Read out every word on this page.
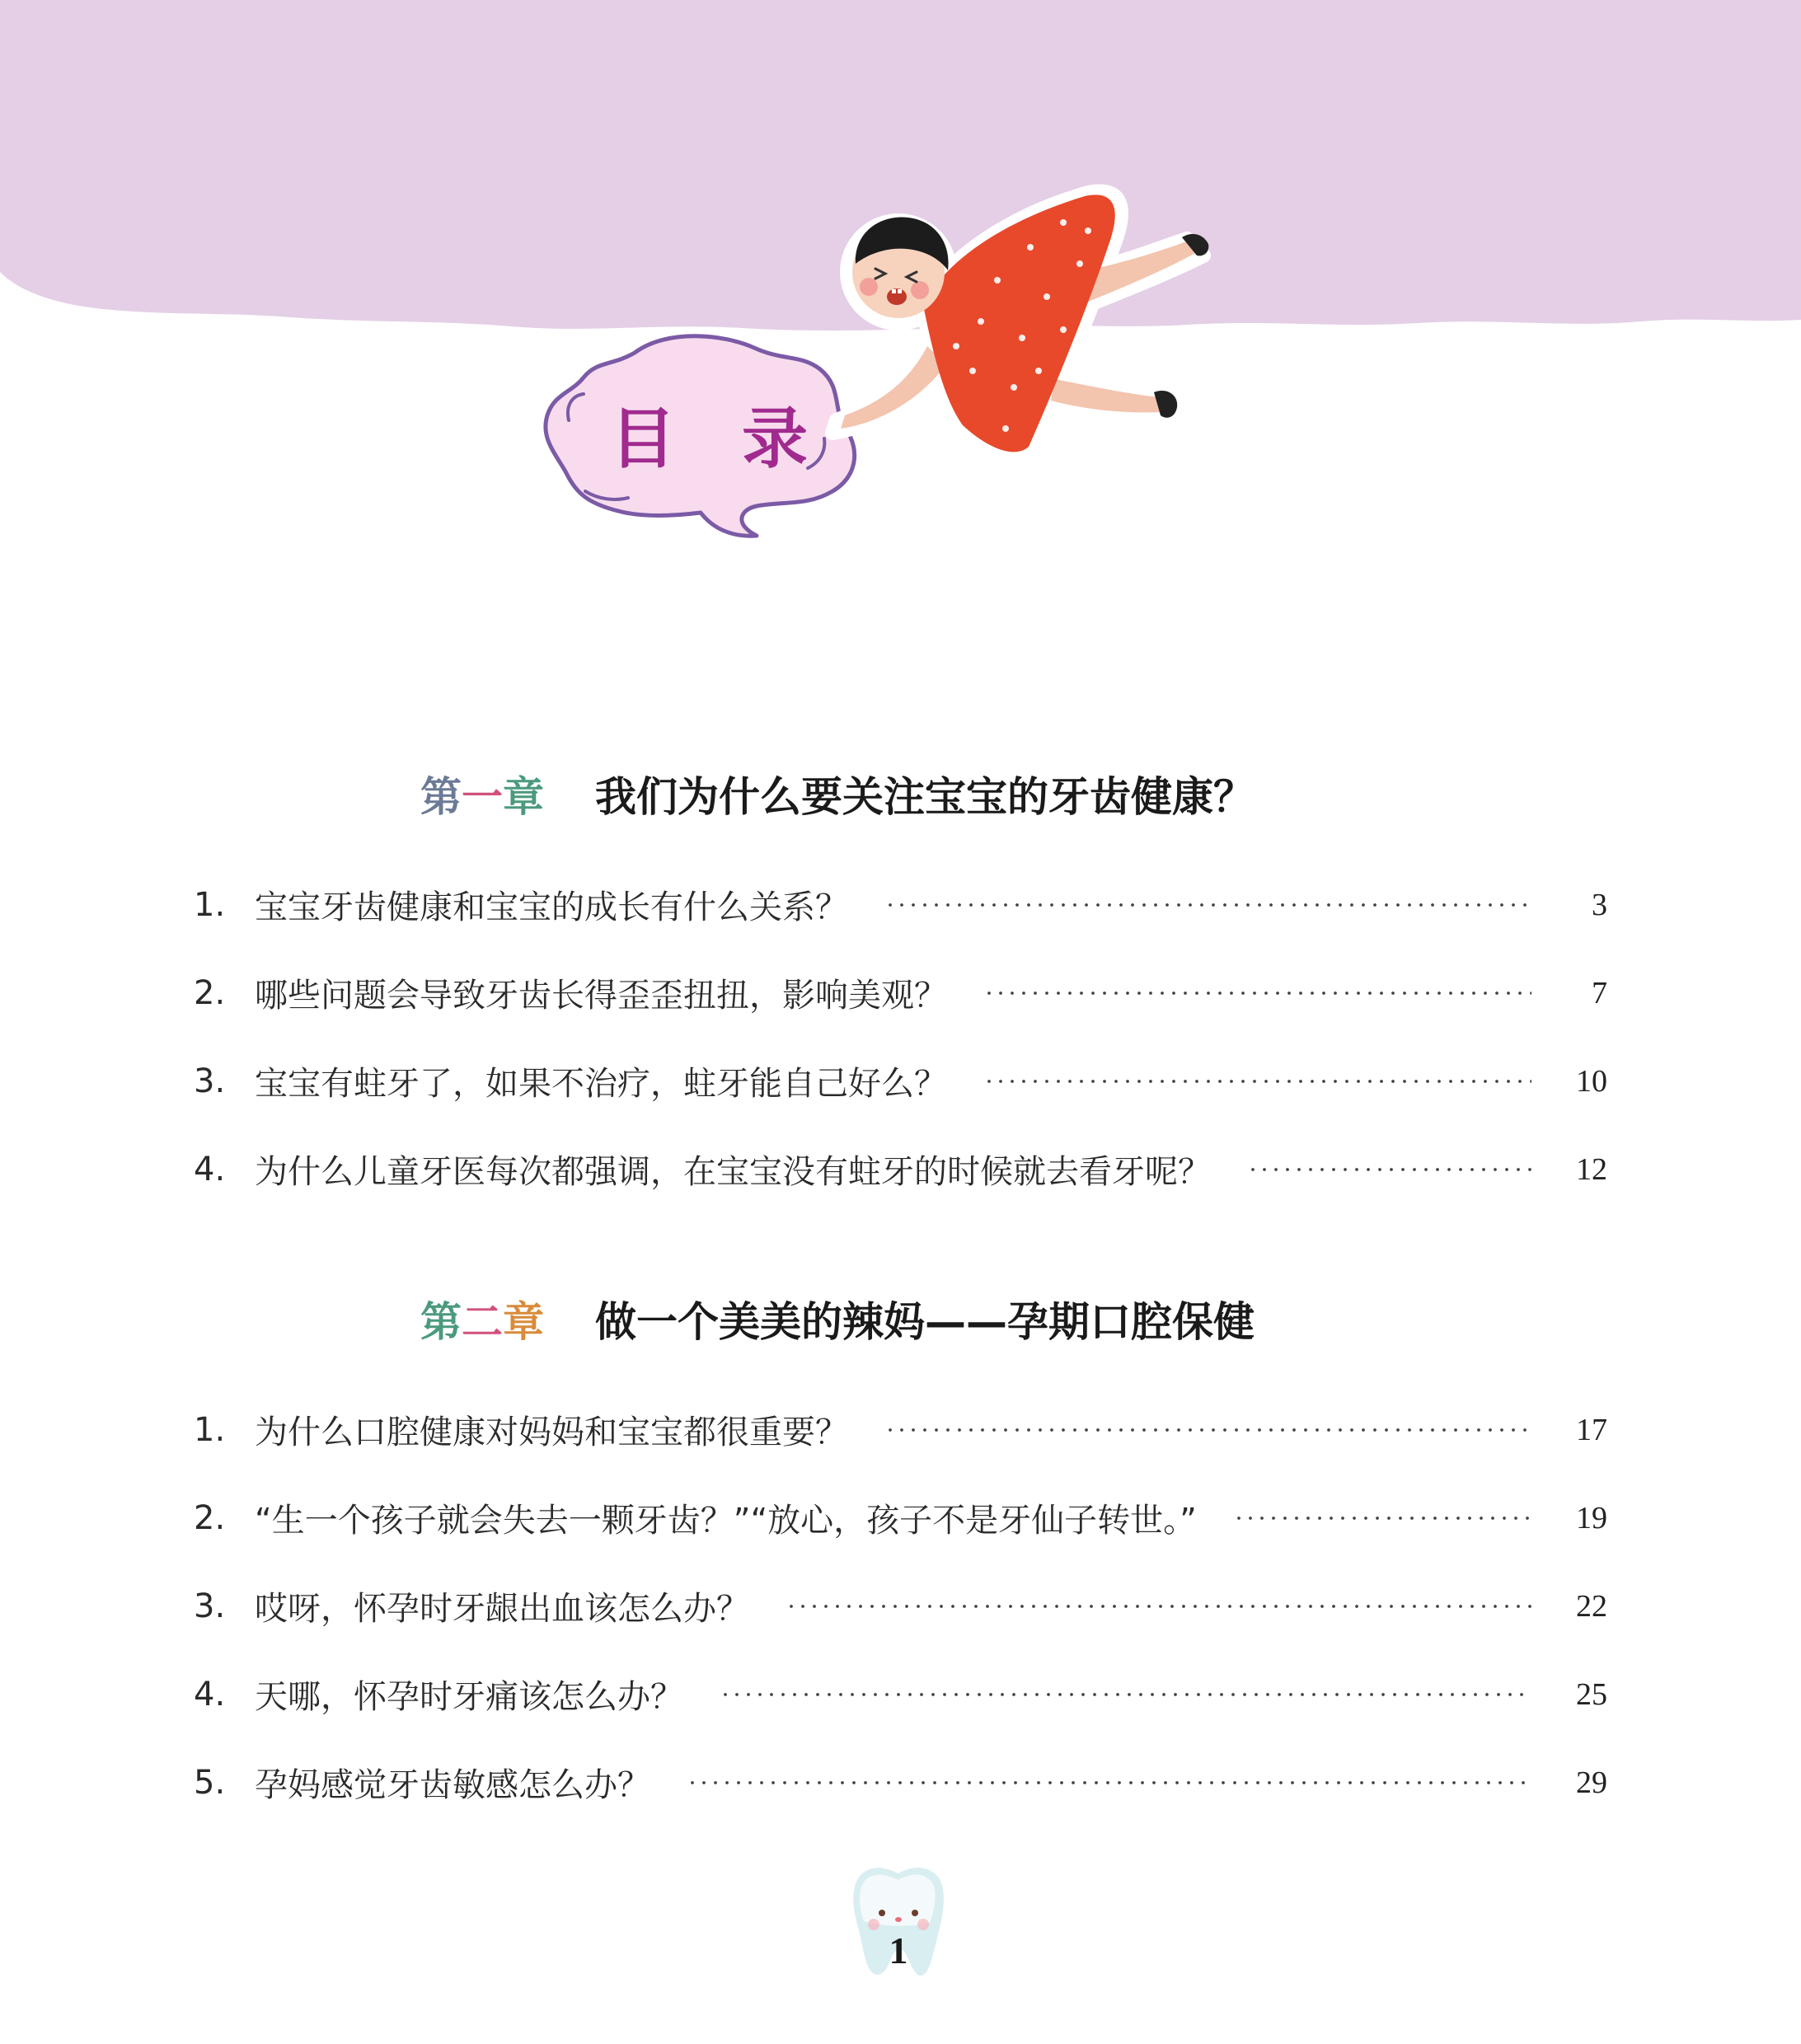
目 录
第一章 我们为什么要关注宝宝的牙齿健康？
1. 宝宝牙齿健康和宝宝的成长有什么关系？	3
2. 哪些问题会导致牙齿长得歪歪扭扭，影响美观？	7
3. 宝宝有蛀牙了，如果不治疗，蛀牙能自己好么？	10
4. 为什么儿童牙医每次都强调，在宝宝没有蛀牙的时候就去看牙呢？	12
第二章 做一个美美的辣妈——孕期口腔保健
1. 为什么口腔健康对妈妈和宝宝都很重要？	17
2. “生一个孩子就会失去一颗牙齿？”“放心，孩子不是牙仙子转世。”	19
3. 哎呀，怀孕时牙龈出血该怎么办？	22
4. 天哪，怀孕时牙痛该怎么办？	25
5. 孕妈感觉牙齿敏感怎么办？	29
1
